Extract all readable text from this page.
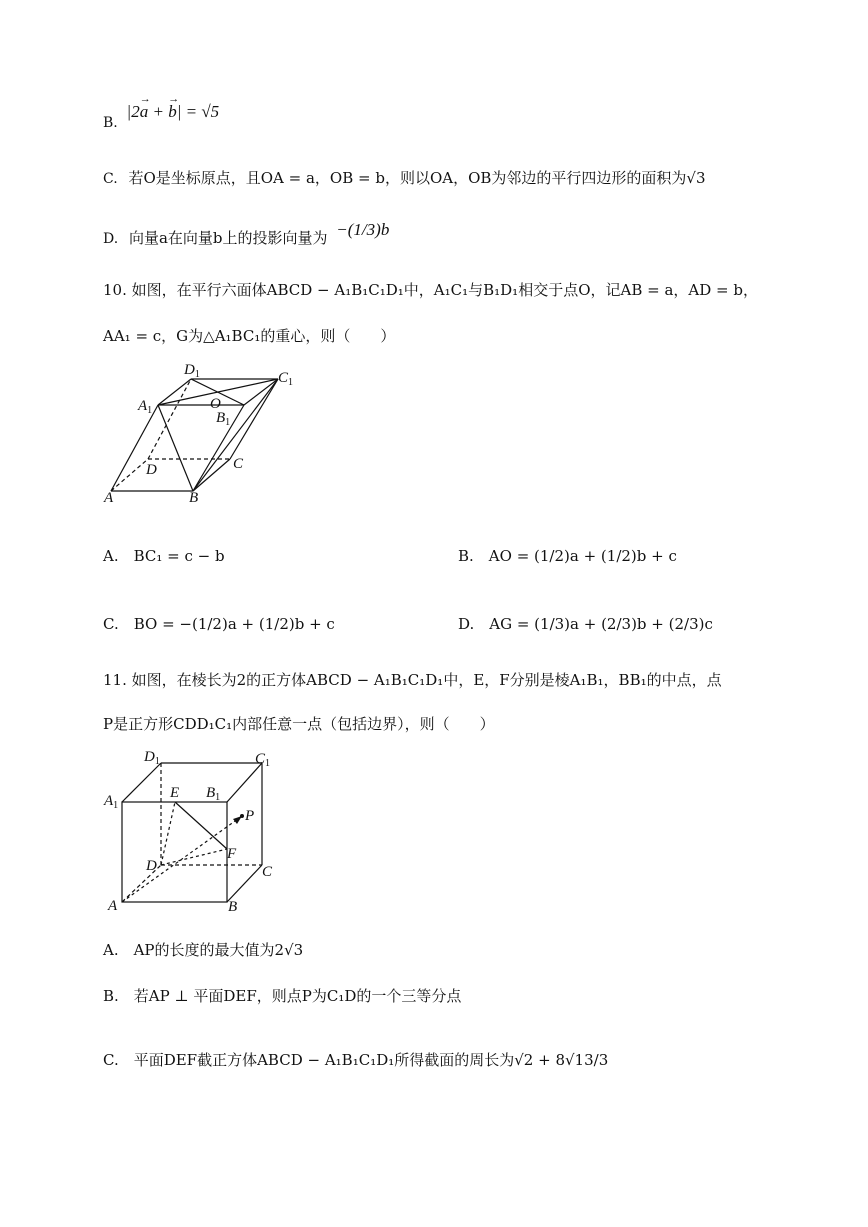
B. |2→ a + → b| = √5
C. 若O是坐标原点，且OA = a，OB = b，则以OA，OB为邻边的平行四边形的面积为√3
D. 向量a在向量b上的投影向量为 −(1/3)b
10. 如图，在平行六面体ABCD − A₁B₁C₁D₁中，A₁C₁与B₁D₁相交于点O，记AB = a，AD = b，
AA₁ = c，G为△A₁BC₁的重心，则（　　）
$D_1$	$C_1$
$A_1$	O
$B_1$
D	C
A	B
A.　BC₁ = c − b	B.　AO = (1/2)a + (1/2)b + c
C.　BO = −(1/2)a + (1/2)b + c	D.　AG = (1/3)a + (2/3)b + (2/3)c
11. 如图，在棱长为2的正方体ABCD − A₁B₁C₁D₁中，E，F分别是棱A₁B₁，BB₁的中点，点
P是正方形CDD₁C₁内部任意一点（包括边界），则（　　）
$D_1$	$C_1$
$A_1$
E $B_1$
P
F
D	C
A	B
A.　AP的长度的最大值为2√3
B.　若AP ⊥ 平面DEF，则点P为C₁D的一个三等分点
C.　平面DEF截正方体ABCD − A₁B₁C₁D₁所得截面的周长为√2 + 8√13/3
